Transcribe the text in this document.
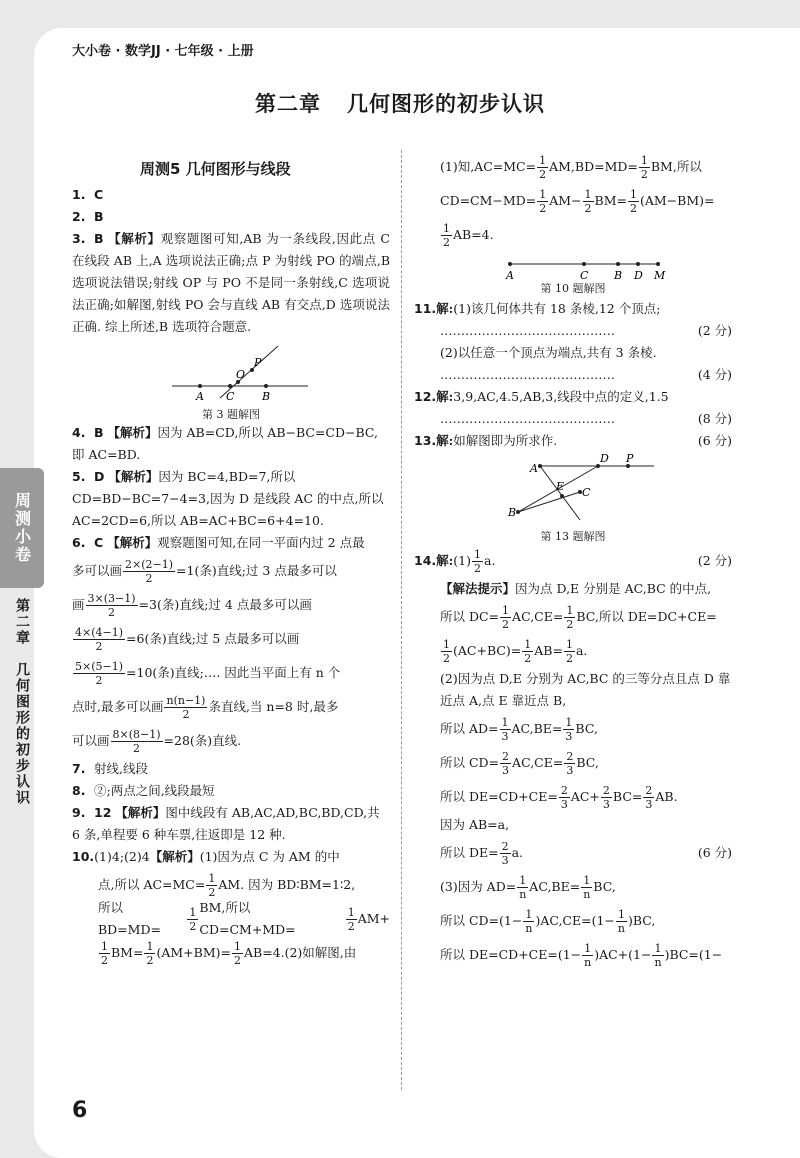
大小卷 · 数学JJ · 七年级 · 上册
第二章 几何图形的初步认识
周测5 几何图形与线段
周测小卷
第二章　几何图形的初步认识

1. C

2. B

3. B 【解析】观察题图可知,AB 为一条线段,因此点 C 在线段 AB 上,A 选项说法正确;点 P 为射线 PO 的端点,B 选项说法错误;射线 OP 与 PO 不是同一条射线,C 选项说法正确;如解图,射线 PO 会与直线 AB 有交点,D 选项说法正确. 综上所述,B 选项符合题意.

A C
O
P
B

第 3 题解图

4. B 【解析】因为 AB=CD,所以 AB−BC=CD−BC,即 AC=BD.

5. D 【解析】因为 BC=4,BD=7,所以 CD=BD−BC=7−4=3,因为 D 是线段 AC 的中点,所以 AC=2CD=6,所以 AB=AC+BC=6+4=10.

6. C 【解析】观察题图可知,在同一平面内过 2 点最

多可以画 $\frac{2\times(2-1)}{2} =1$(条)直线;过 3 点最多可以
画 $\frac{3\times(3-1)}{2} =3$(条)直线;过 4 点最多可以画
$\frac{4\times(4-1)}{2} =6$(条)直线;过 5 点最多可以画
$\frac{5\times(5-1)}{2} =10$(条)直线;…. 因此当平面上有 n 个
点时,最多可以画 $\frac{n(n-1)}{2}$ 条直线,当 n=8 时,最多
可以画 $\frac{8\times(8-1)}{2} =28$(条)直线.

7. 射线,线段

8. ②;两点之间,线段最短

9. 12 【解析】图中线段有 AB,AC,AD,BC,BD,CD,共 6 条,单程要 6 种车票,往返即是 12 种.

10.(1)4;(2)4【解析】(1)因为点 C 为 AM 的中

点,所以 $AC=MC= \frac{1}{2}$ AM. 因为 BD∶BM=1∶2,
所以 BD=MD=	$\frac{1}{2}$ BM,所以 CD=CM+MD=	$\frac{1}{2} AM+$
$\frac{1}{2} BM= \frac{1}{2} (AM+BM)= \frac{1}{2} AB=4.(2)$如解图,由
(1)知$,AC=MC= \frac{1}{2} AM,BD=MD= \frac{1}{2}$ BM,所以
$CD=CM-MD= \frac{1}{2} AM- \frac{1}{2} BM= \frac{1}{2} (AM-BM)=$
$\frac{1}{2} AB=4$.
A	C B D M

第 10 题解图

11.解:(1)该几何体共有 18 条棱,12 个顶点;

……………………………………	(2 分)

(2)以任意一个顶点为端点,共有 3 条棱.

……………………………………	(4 分)

12.解:3,9,AC,4.5,AB,3,线段中点的定义,1.5

……………………………………	(8 分)

13.解:如解图即为所求作.	(6 分)

A
D P
B
C
E

第 13 题解图

14. 解: $(1) \frac{1}{2} a$.	(2 分)

【解法提示】因为点 D,E 分别是 AC,BC 的中点,

所以 $DC= \frac{1}{2} AC,CE= \frac{1}{2}$ BC,所以 DE=DC+CE=
$\frac{1}{2} (AC+BC)= \frac{1}{2} AB= \frac{1}{2} a$.

(2)因为点 D,E 分别为 AC,BC 的三等分点且点 D 靠近点 A,点 E 靠近点 B,

所以 $AD= \frac{1}{3} AC,BE= \frac{1}{3}$ BC,
所以 $CD= \frac{2}{3} AC,CE= \frac{2}{3}$ BC,
所以 $DE=CD+CE= \frac{2}{3} AC+ \frac{2}{3} BC= \frac{2}{3}$ AB.

因为 AB=a,

所以 $DE= \frac{2}{3} a$.	(6 分)
(3)因为 $AD= \frac{1}{n} AC,BE= \frac{1}{n}$ BC,
所以 $CD=(1- \frac{1}{n} )AC,CE=(1- \frac{1}{n} )BC$,
所以 $DE=CD+CE=(1- \frac{1}{n} )AC+(1- \frac{1}{n} )BC=(1-$
6
